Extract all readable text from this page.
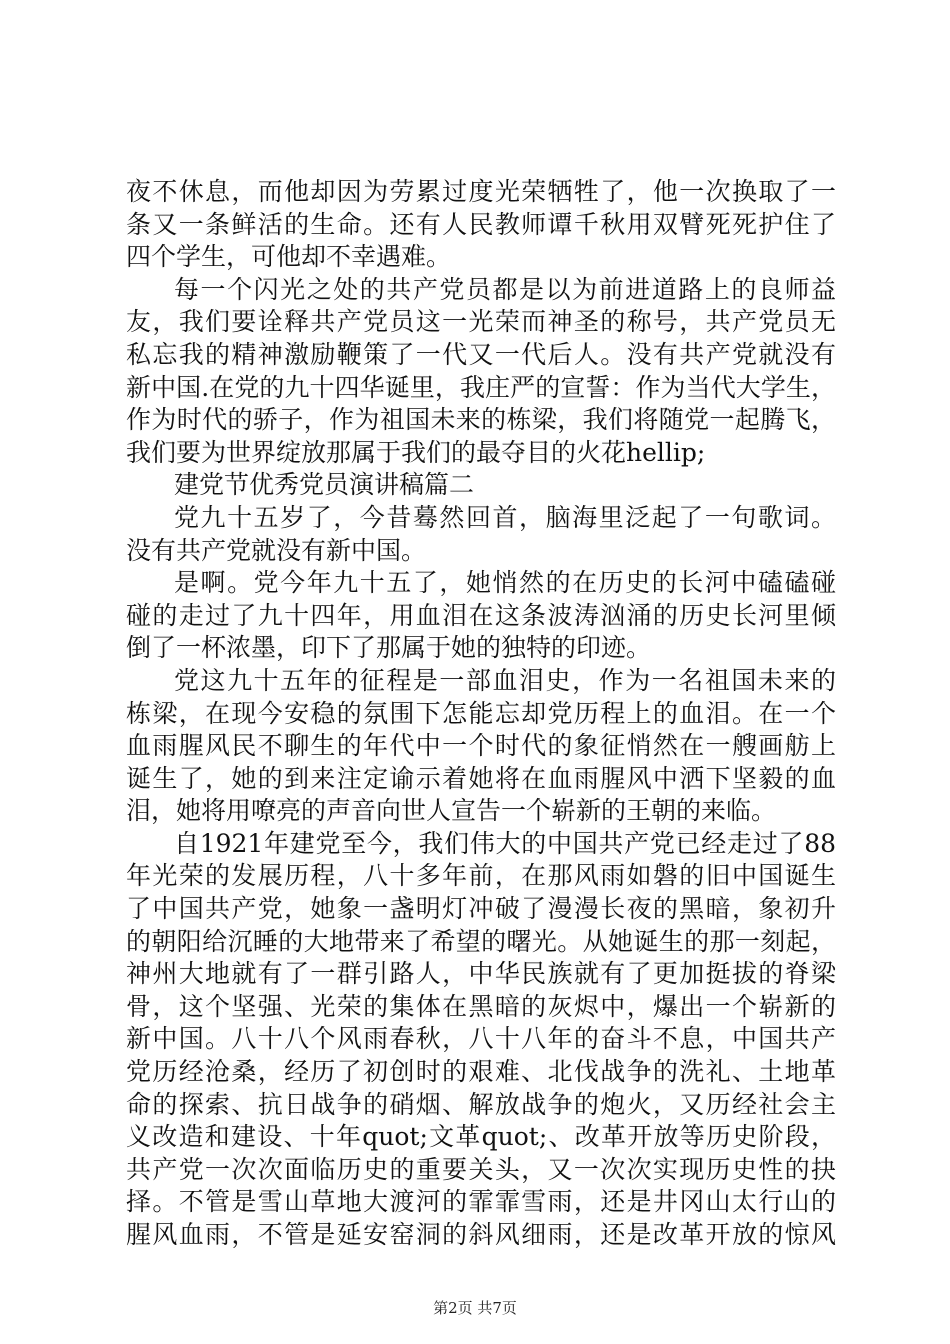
夜不休息，而他却因为劳累过度光荣牺牲了，他一次换取了一
条又一条鲜活的生命。还有人民教师谭千秋用双臂死死护住了
四个学生，可他却不幸遇难。
每一个闪光之处的共产党员都是以为前进道路上的良师益
友，我们要诠释共产党员这一光荣而神圣的称号，共产党员无
私忘我的精神激励鞭策了一代又一代后人。没有共产党就没有
新中国.在党的九十四华诞里，我庄严的宣誓：作为当代大学生，
作为时代的骄子，作为祖国未来的栋梁，我们将随党一起腾飞，
我们要为世界绽放那属于我们的最夺目的火花hellip;
建党节优秀党员演讲稿篇二
党九十五岁了，今昔蓦然回首，脑海里泛起了一句歌词。
没有共产党就没有新中国。
是啊。党今年九十五了，她悄然的在历史的长河中磕磕碰
碰的走过了九十四年，用血泪在这条波涛汹涌的历史长河里倾
倒了一杯浓墨，印下了那属于她的独特的印迹。
党这九十五年的征程是一部血泪史，作为一名祖国未来的
栋梁，在现今安稳的氛围下怎能忘却党历程上的血泪。在一个
血雨腥风民不聊生的年代中一个时代的象征悄然在一艘画舫上
诞生了，她的到来注定谕示着她将在血雨腥风中洒下坚毅的血
泪，她将用嘹亮的声音向世人宣告一个崭新的王朝的来临。
自1921年建党至今，我们伟大的中国共产党已经走过了88
年光荣的发展历程，八十多年前，在那风雨如磐的旧中国诞生
了中国共产党，她象一盏明灯冲破了漫漫长夜的黑暗，象初升
的朝阳给沉睡的大地带来了希望的曙光。从她诞生的那一刻起，
神州大地就有了一群引路人，中华民族就有了更加挺拔的脊梁
骨，这个坚强、光荣的集体在黑暗的灰烬中，爆出一个崭新的
新中国。八十八个风雨春秋，八十八年的奋斗不息，中国共产
党历经沧桑，经历了初创时的艰难、北伐战争的洗礼、土地革
命的探索、抗日战争的硝烟、解放战争的炮火，又历经社会主
义改造和建设、十年quot;文革quot;、改革开放等历史阶段，
共产党一次次面临历史的重要关头，又一次次实现历史性的抉
择。不管是雪山草地大渡河的霏霏雪雨，还是井冈山太行山的
腥风血雨，不管是延安窑洞的斜风细雨，还是改革开放的惊风
第2页 共7页
